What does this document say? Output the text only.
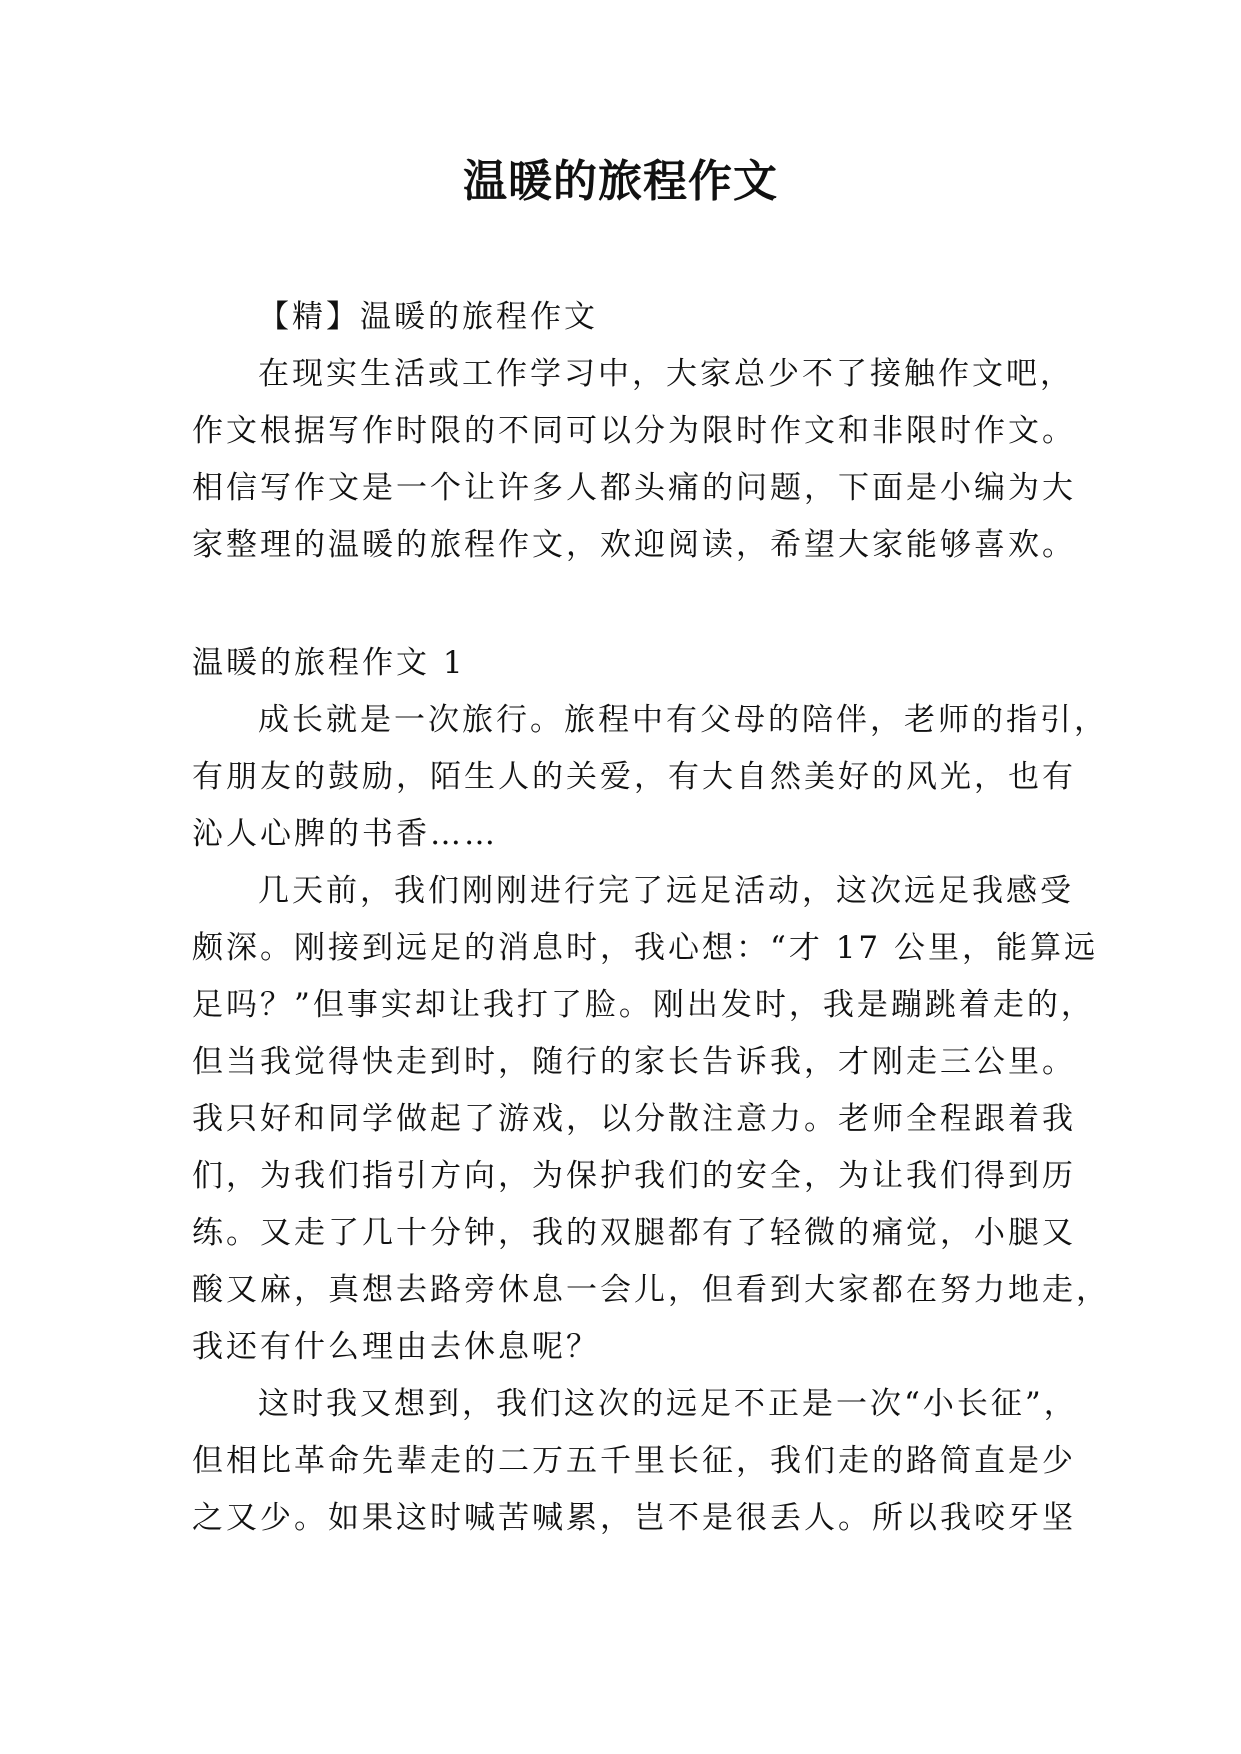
温暖的旅程作文
【精】温暖的旅程作文
在现实生活或工作学习中，大家总少不了接触作文吧，
作文根据写作时限的不同可以分为限时作文和非限时作文。
相信写作文是一个让许多人都头痛的问题，下面是小编为大
家整理的温暖的旅程作文，欢迎阅读，希望大家能够喜欢。
温暖的旅程作文 1
成长就是一次旅行。旅程中有父母的陪伴，老师的指引，
有朋友的鼓励，陌生人的关爱，有大自然美好的风光，也有
沁人心脾的书香……
几天前，我们刚刚进行完了远足活动，这次远足我感受
颇深。刚接到远足的消息时，我心想：“才 17 公里，能算远
足吗？”但事实却让我打了脸。刚出发时，我是蹦跳着走的，
但当我觉得快走到时，随行的家长告诉我，才刚走三公里。
我只好和同学做起了游戏，以分散注意力。老师全程跟着我
们，为我们指引方向，为保护我们的安全，为让我们得到历
练。又走了几十分钟，我的双腿都有了轻微的痛觉，小腿又
酸又麻，真想去路旁休息一会儿，但看到大家都在努力地走，
我还有什么理由去休息呢？
这时我又想到，我们这次的远足不正是一次“小长征”，
但相比革命先辈走的二万五千里长征，我们走的路简直是少
之又少。如果这时喊苦喊累，岂不是很丢人。所以我咬牙坚
